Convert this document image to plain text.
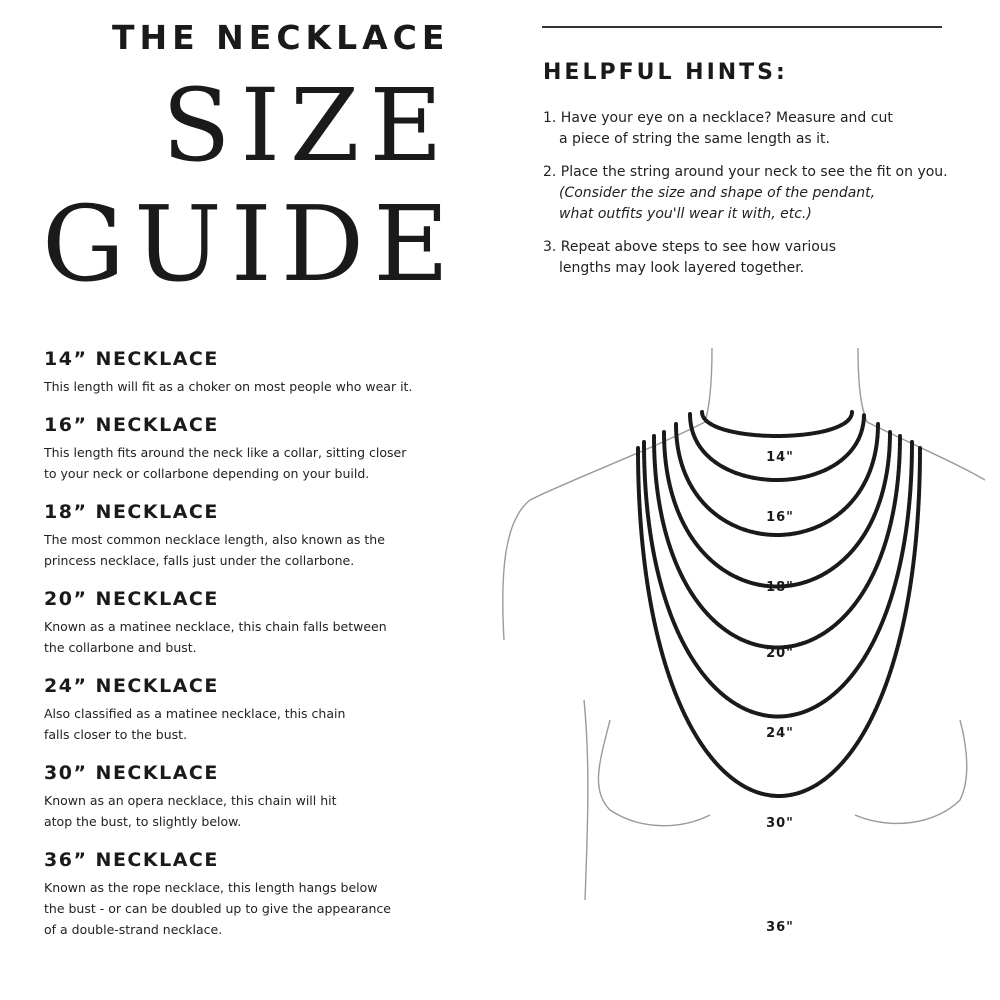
THE NECKLACE
SIZE
GUIDE
HELPFUL HINTS:
1. Have your eye on a necklace? Measure and cut
a piece of string the same length as it.
2. Place the string around your neck to see the fit on you.
(Consider the size and shape of the pendant,
what outfits you'll wear it with, etc.)
3. Repeat above steps to see how various
lengths may look layered together.
14” NECKLACE
This length will fit as a choker on most people who wear it.
16” NECKLACE
This length fits around the neck like a collar, sitting closer
to your neck or collarbone depending on your build.
18” NECKLACE
The most common necklace length, also known as the
princess necklace, falls just under the collarbone.
20” NECKLACE
Known as a matinee necklace, this chain falls between
the collarbone and bust.
24” NECKLACE
Also classified as a matinee necklace, this chain
falls closer to the bust.
30” NECKLACE
Known as an opera necklace, this chain will hit
atop the bust, to slightly below.
36” NECKLACE
Known as the rope necklace, this length hangs below
the bust - or can be doubled up to give the appearance
of a double-strand necklace.
14"
16"
18"
20"
24"
30"
36"
